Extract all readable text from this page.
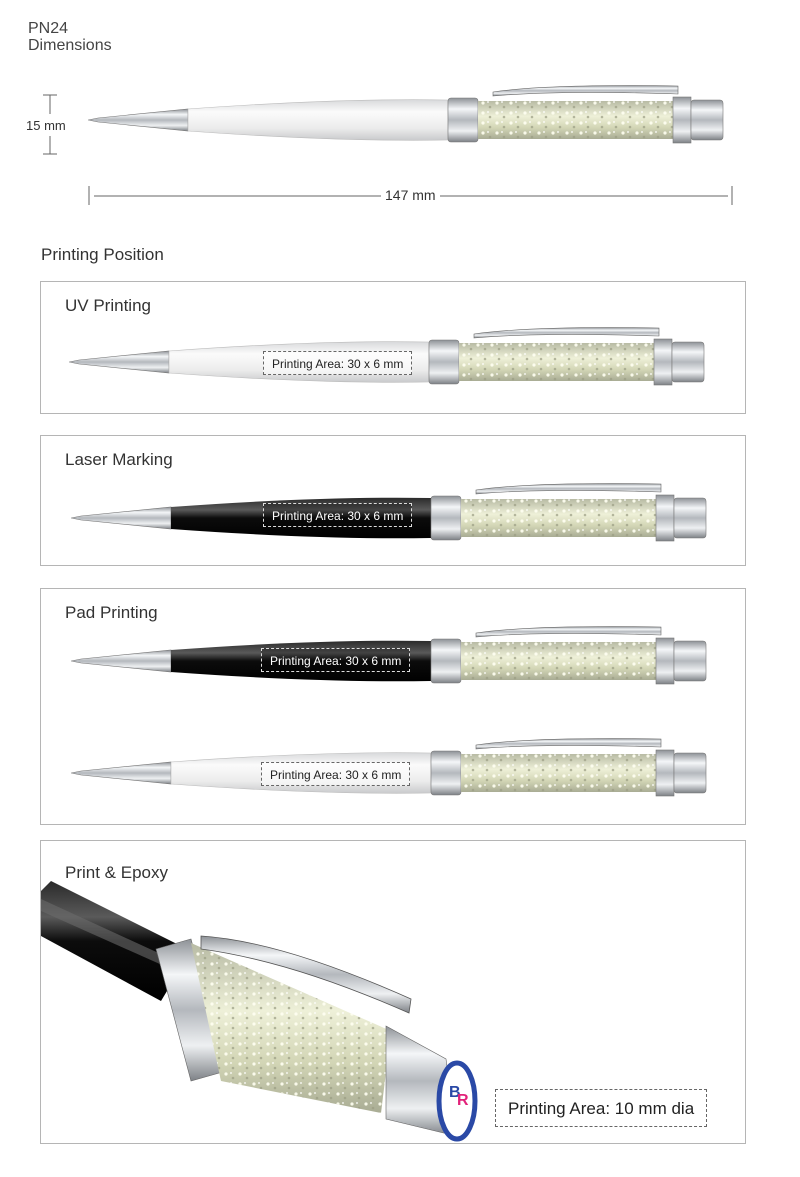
PN24
Dimensions
15 mm
147 mm
Printing Position
UV Printing
Printing Area: 30 x 6 mm
Laser Marking
Printing Area: 30 x 6 mm
Pad Printing
Printing Area: 30 x 6 mm
Printing Area: 30 x 6 mm
Print & Epoxy
B
R	Printing Area: 10 mm dia
